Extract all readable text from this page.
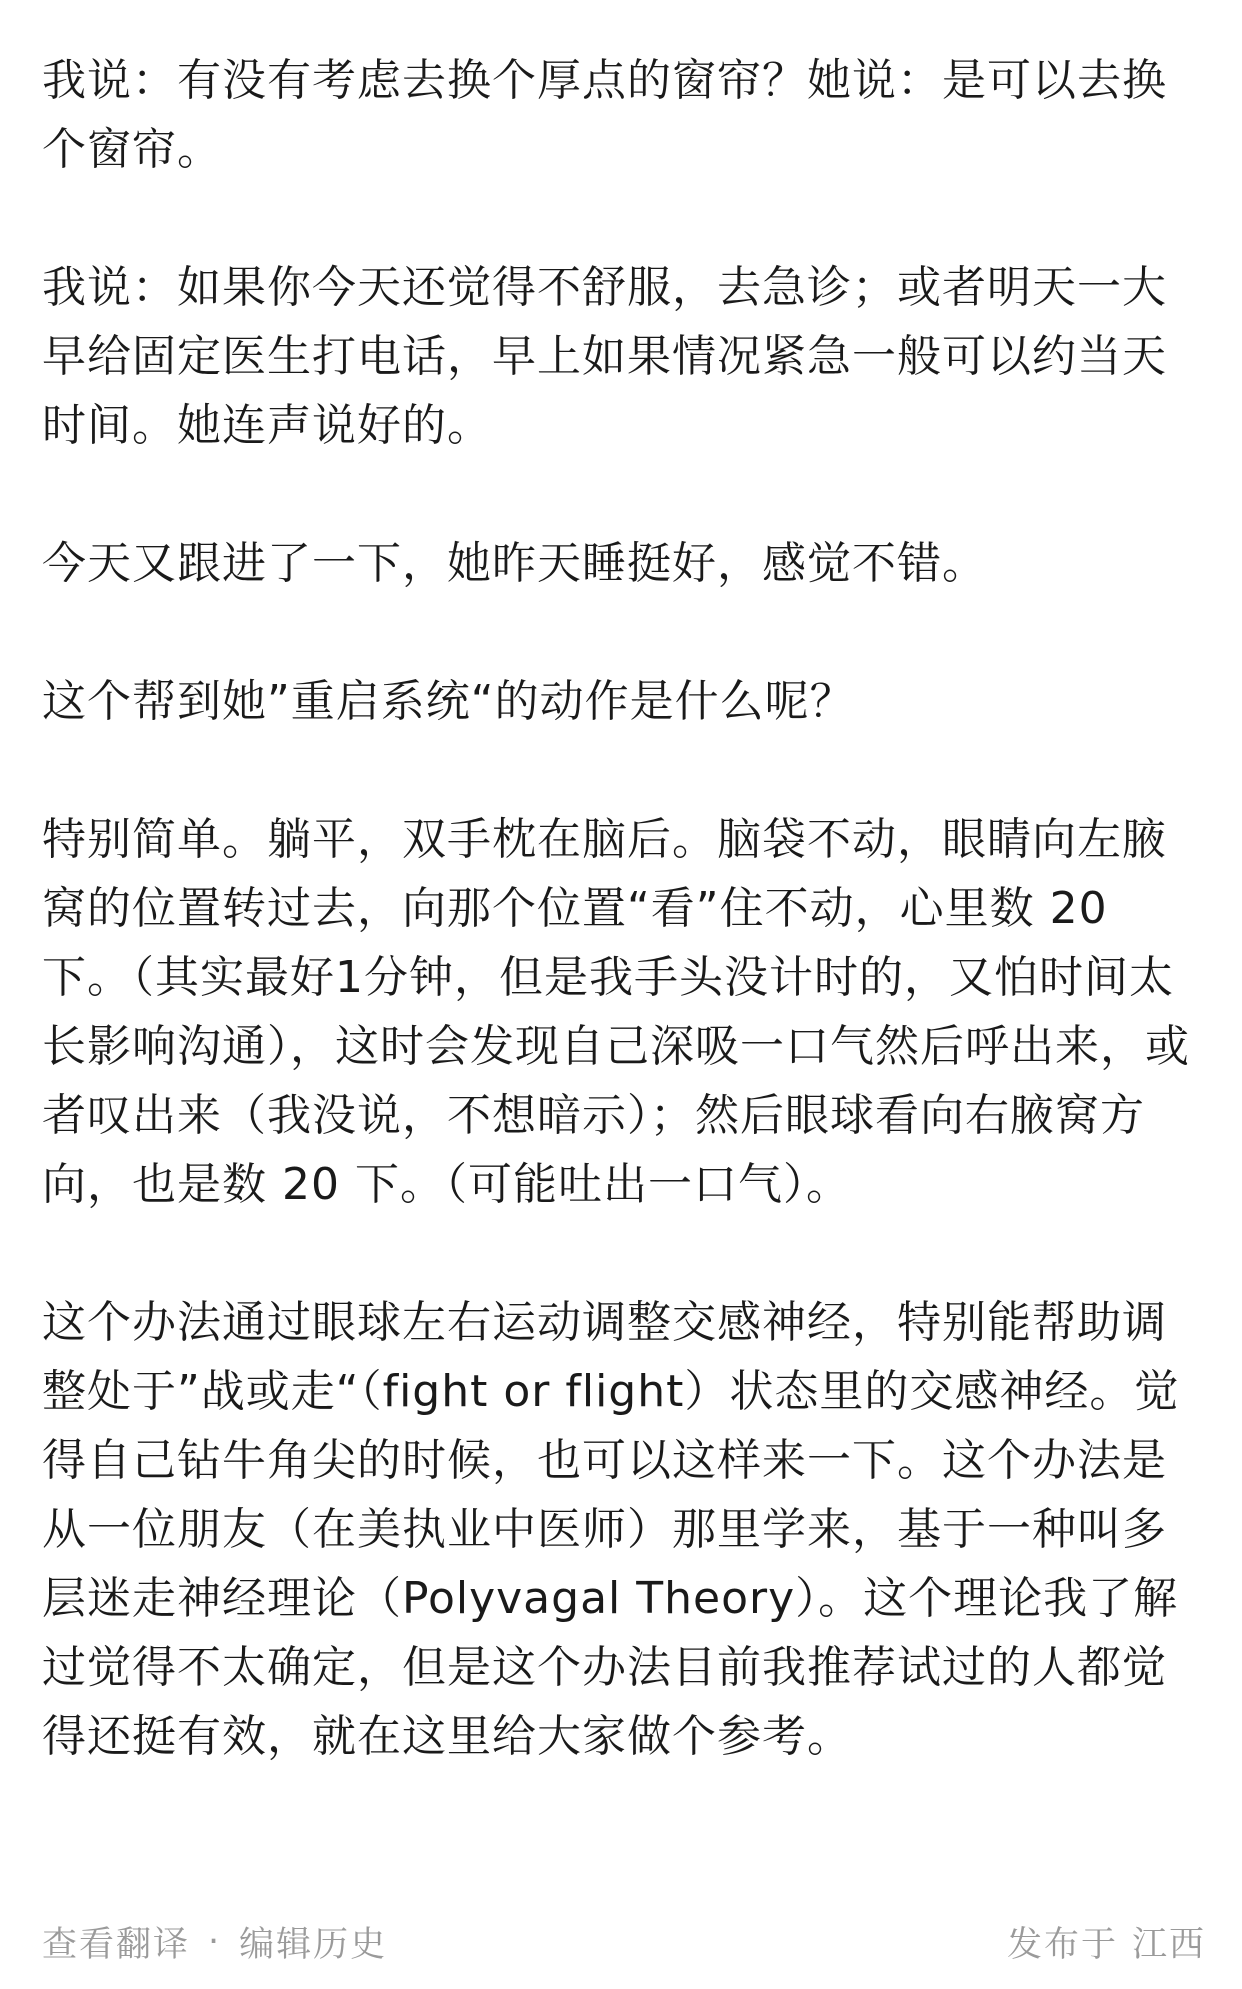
我说：有没有考虑去换个厚点的窗帘？她说：是可以去换个窗帘。

我说：如果你今天还觉得不舒服，去急诊；或者明天一大早给固定医生打电话，早上如果情况紧急一般可以约当天时间。她连声说好的。

今天又跟进了一下，她昨天睡挺好，感觉不错。

这个帮到她”重启系统“的动作是什么呢？

特别简单。躺平，双手枕在脑后。脑袋不动，眼睛向左腋窝的位置转过去，向那个位置“看”住不动，心里数 20 下。（其实最好1分钟，但是我手头没计时的，又怕时间太长影响沟通），这时会发现自己深吸一口气然后呼出来，或者叹出来（我没说，不想暗示）；然后眼球看向右腋窝方向，也是数 20 下。（可能吐出一口气）。

这个办法通过眼球左右运动调整交感神经，特别能帮助调整处于”战或走“（fight or flight）状态里的交感神经。觉得自己钻牛角尖的时候，也可以这样来一下。这个办法是从一位朋友（在美执业中医师）那里学来，基于一种叫多层迷走神经理论（Polyvagal Theory）。这个理论我了解过觉得不太确定，但是这个办法目前我推荐试过的人都觉得还挺有效，就在这里给大家做个参考。

查看翻译 · 编辑历史	发布于 江西
